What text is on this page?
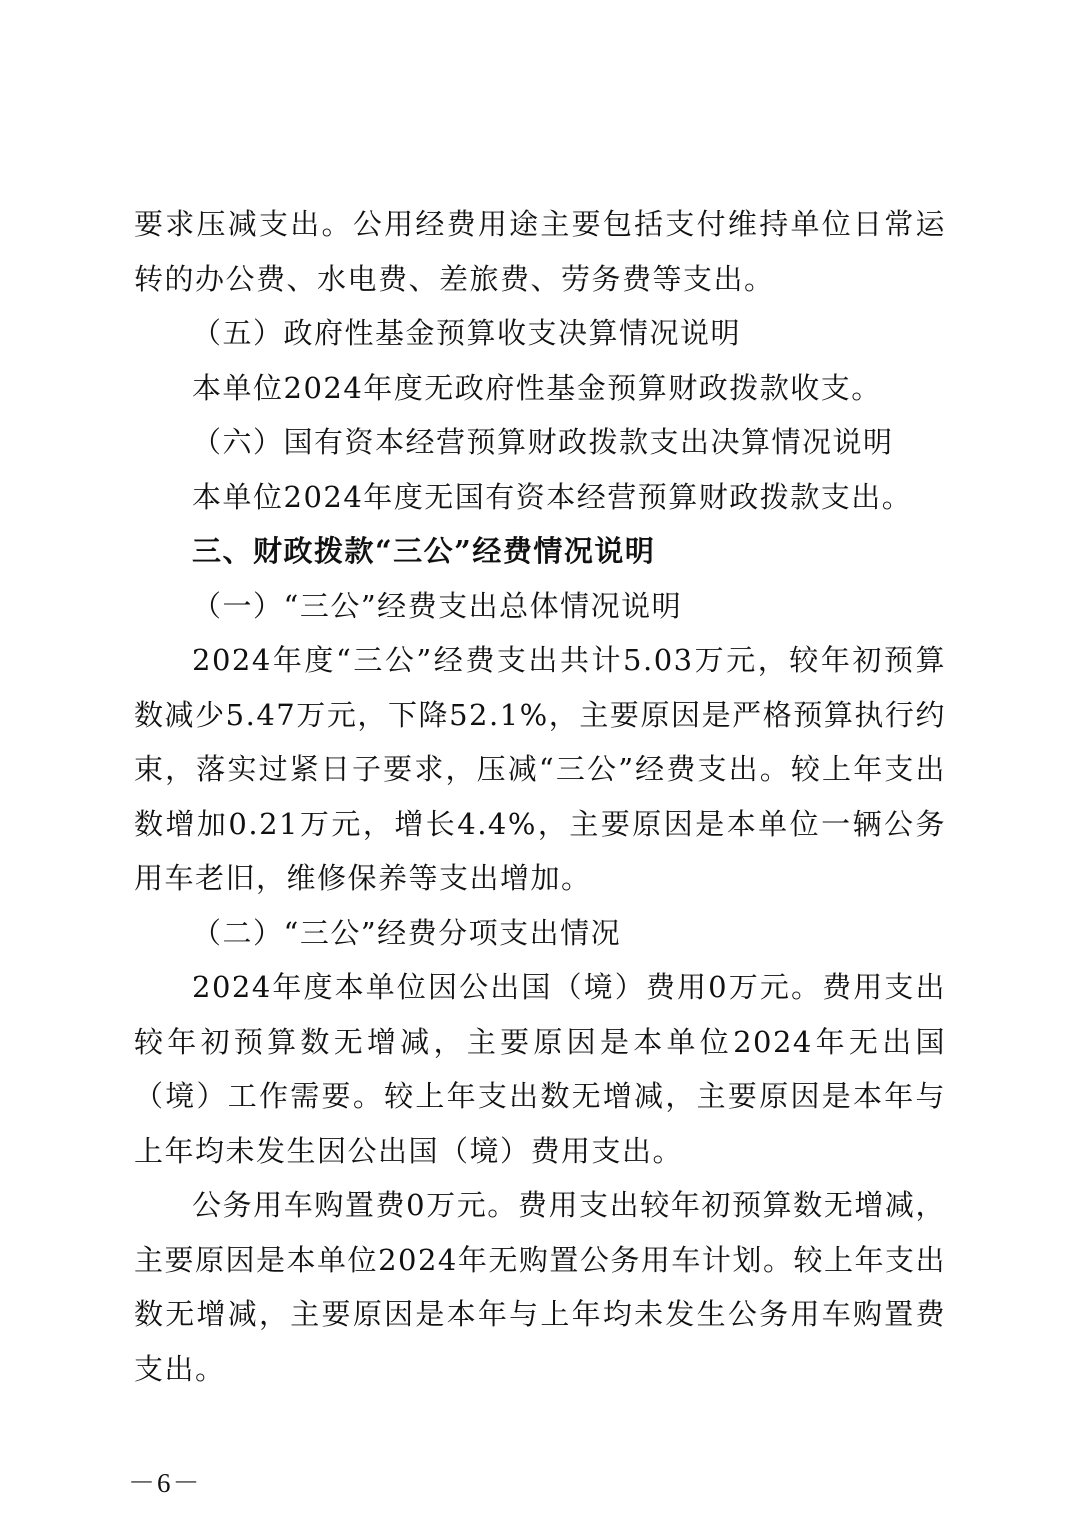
要求压减支出。公用经费用途主要包括支付维持单位日常运转的办公费、水电费、差旅费、劳务费等支出。

（五）政府性基金预算收支决算情况说明

本单位2024年度无政府性基金预算财政拨款收支。

（六）国有资本经营预算财政拨款支出决算情况说明

本单位2024年度无国有资本经营预算财政拨款支出。

三、财政拨款“三公”经费情况说明

（一）“三公”经费支出总体情况说明

2024年度“三公”经费支出共计5.03万元，较年初预算数减少5.47万元，下降52.1%，主要原因是严格预算执行约束，落实过紧日子要求，压减“三公”经费支出。较上年支出数增加0.21万元，增长4.4%，主要原因是本单位一辆公务用车老旧，维修保养等支出增加。

（二）“三公”经费分项支出情况

2024年度本单位因公出国（境）费用0万元。费用支出较年初预算数无增减，主要原因是本单位2024年无出国（境）工作需要。较上年支出数无增减，主要原因是本年与上年均未发生因公出国（境）费用支出。

公务用车购置费0万元。费用支出较年初预算数无增减，主要原因是本单位2024年无购置公务用车计划。较上年支出数无增减，主要原因是本年与上年均未发生公务用车购置费支出。

－6－
